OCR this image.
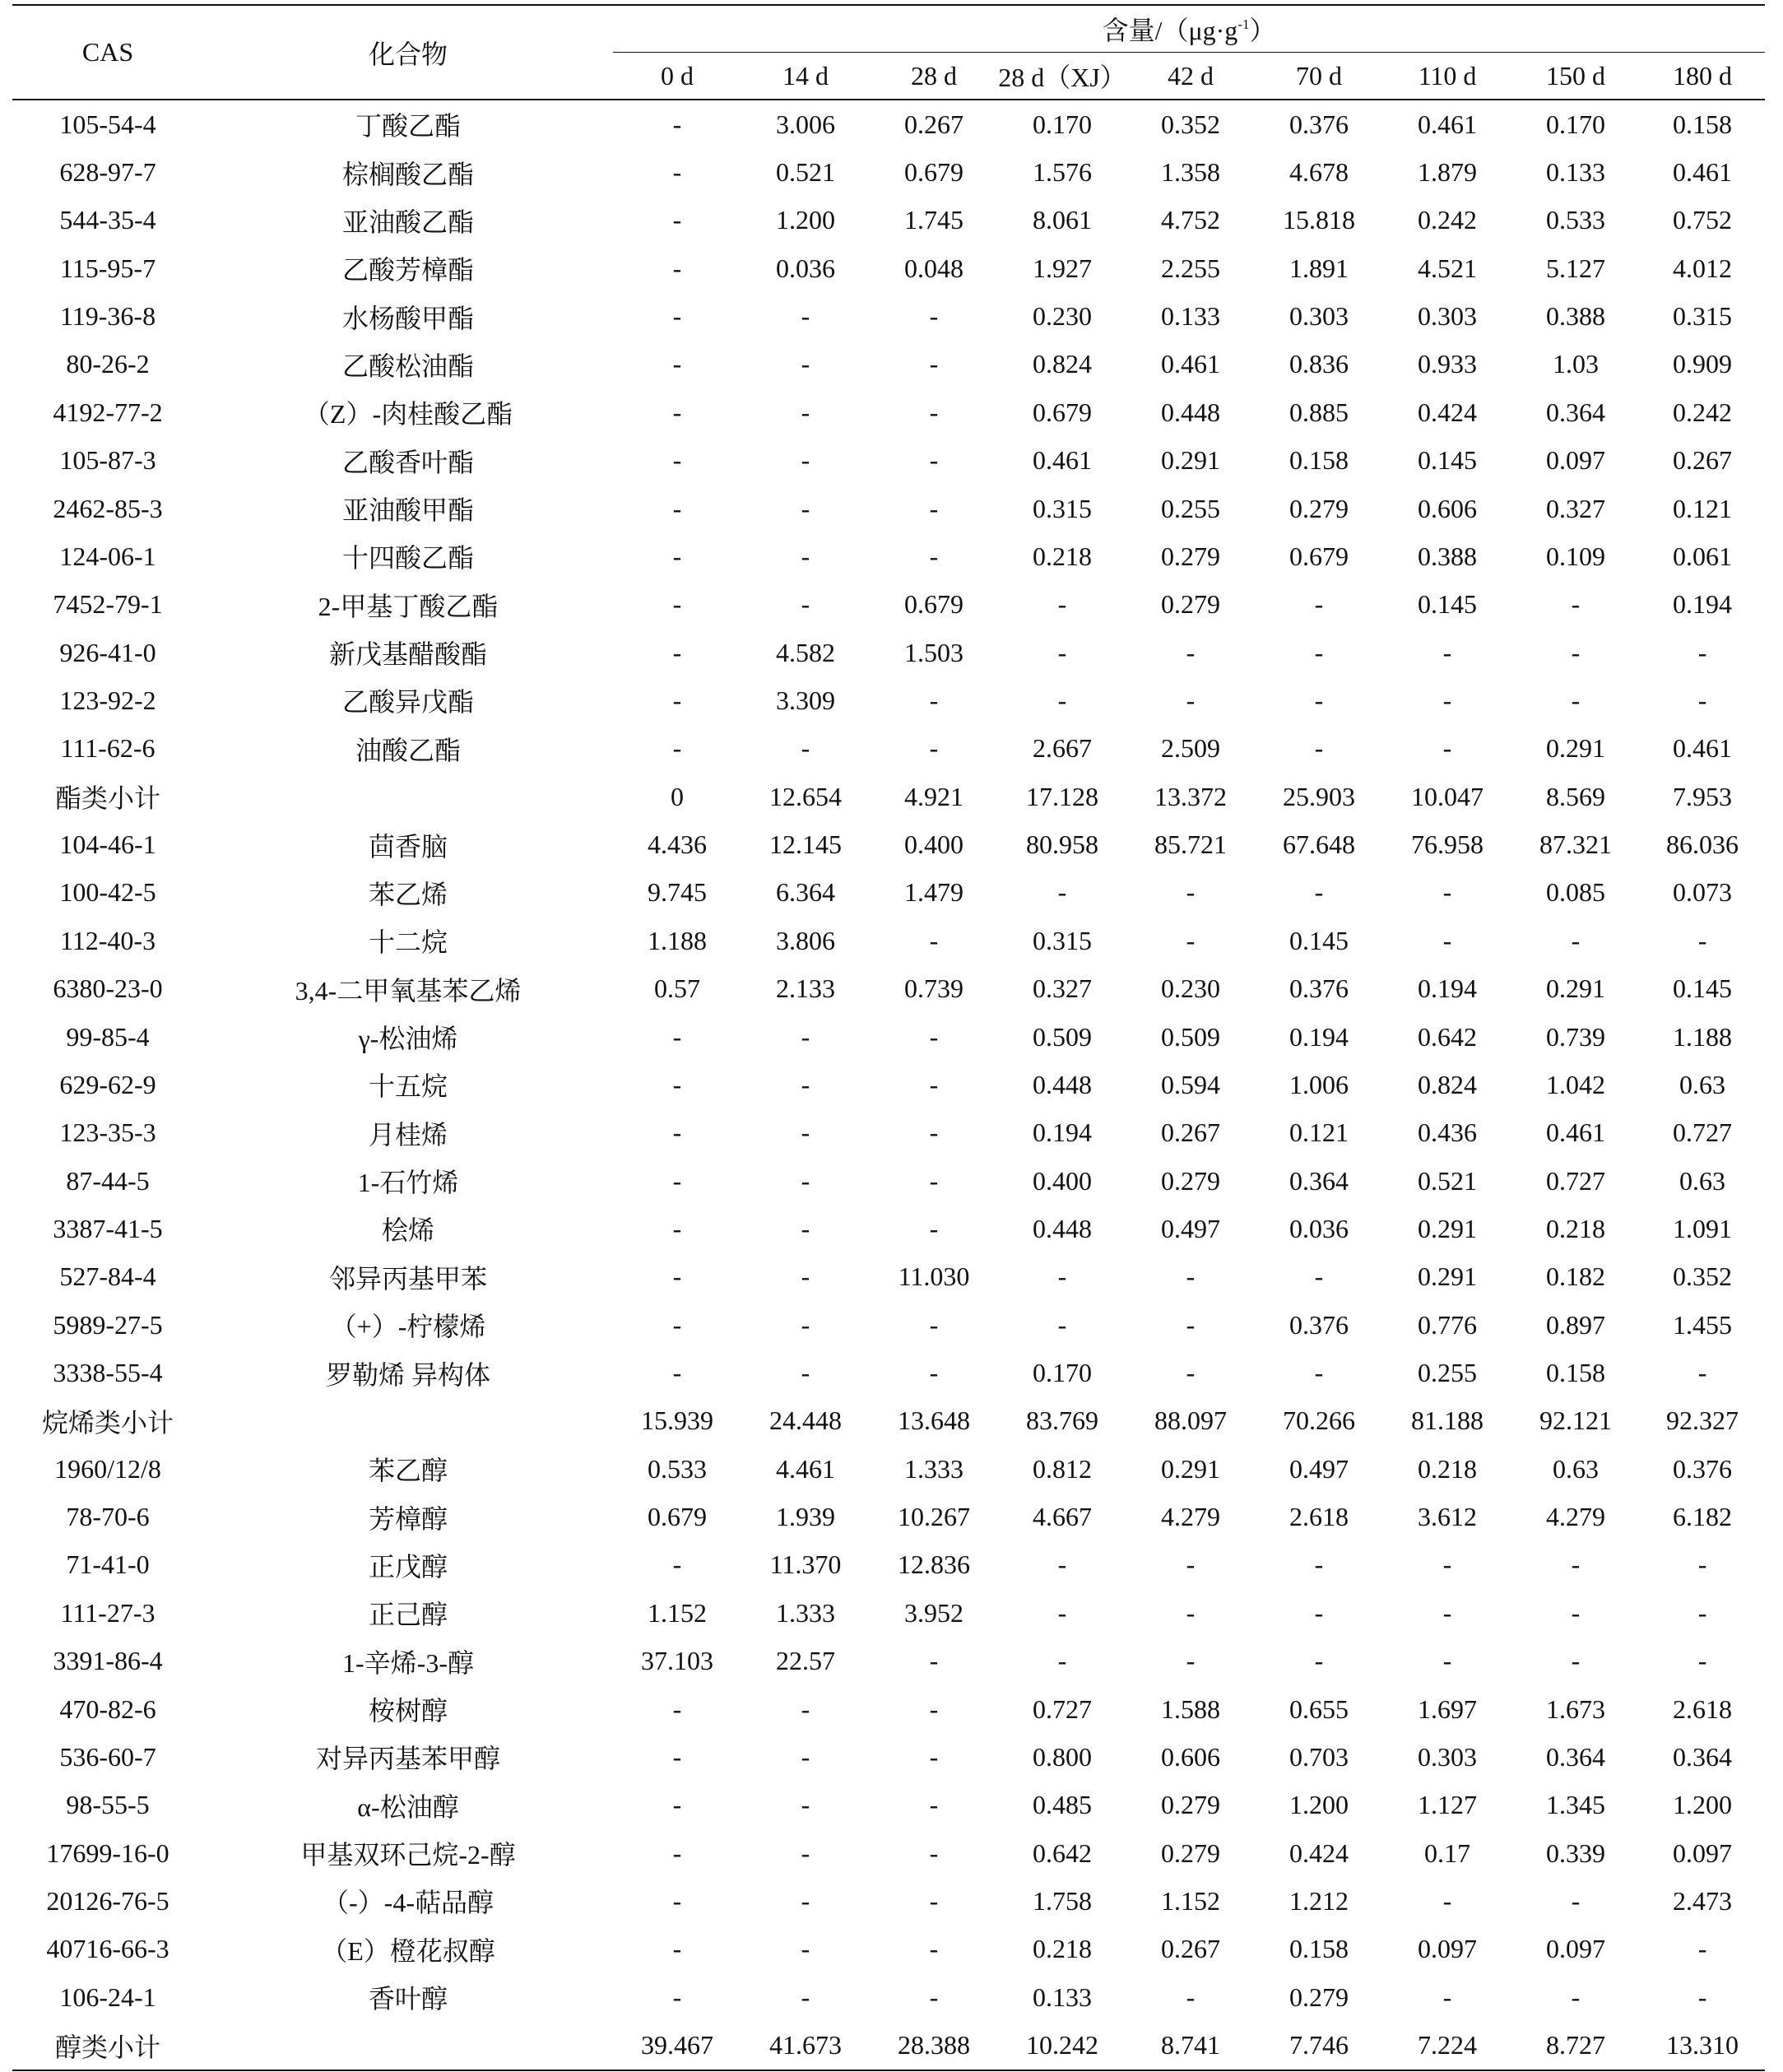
CAS	化合物	含量$/(\mu g\cdot g^{-1})$								
		0 d	14 d	28 d	28 d（XJ）	42 d	70 d	110 d	150 d	180 d
105-54-4	丁酸乙酯	-	3.006	0.267	0.170	0.352	0.376	0.461	0.170	0.158
628-97-7	棕榈酸乙酯	-	0.521	0.679	1.576	1.358	4.678	1.879	0.133	0.461
544-35-4	亚油酸乙酯	-	1.200	1.745	8.061	4.752	15.818	0.242	0.533	0.752
115-95-7	乙酸芳樟酯	-	0.036	0.048	1.927	2.255	1.891	4.521	5.127	4.012
119-36-8	水杨酸甲酯	-	-	-	0.230	0.133	0.303	0.303	0.388	0.315
80-26-2	乙酸松油酯	-	-	-	0.824	0.461	0.836	0.933	1.03	0.909
4192-77-2	（Z）-肉桂酸乙酯	-	-	-	0.679	0.448	0.885	0.424	0.364	0.242
105-87-3	乙酸香叶酯	-	-	-	0.461	0.291	0.158	0.145	0.097	0.267
2462-85-3	亚油酸甲酯	-	-	-	0.315	0.255	0.279	0.606	0.327	0.121
124-06-1	十四酸乙酯	-	-	-	0.218	0.279	0.679	0.388	0.109	0.061
7452-79-1	2-甲基丁酸乙酯	-	-	0.679	-	0.279	-	0.145	-	0.194
926-41-0	新戊基醋酸酯	-	4.582	1.503	-	-	-	-	-	-
123-92-2	乙酸异戊酯	-	3.309	-	-	-	-	-	-	-
111-62-6	油酸乙酯	-	-	-	2.667	2.509	-	-	0.291	0.461
酯类小计		0	12.654	4.921	17.128	13.372	25.903	10.047	8.569	7.953
104-46-1	茴香脑	4.436	12.145	0.400	80.958	85.721	67.648	76.958	87.321	86.036
100-42-5	苯乙烯	9.745	6.364	1.479	-	-	-	-	0.085	0.073
112-40-3	十二烷	1.188	3.806	-	0.315	-	0.145	-	-	-
6380-23-0	3,4-二甲氧基苯乙烯	0.57	2.133	0.739	0.327	0.230	0.376	0.194	0.291	0.145
99-85-4	γ-松油烯	-	-	-	0.509	0.509	0.194	0.642	0.739	1.188
629-62-9	十五烷	-	-	-	0.448	0.594	1.006	0.824	1.042	0.63
123-35-3	月桂烯	-	-	-	0.194	0.267	0.121	0.436	0.461	0.727
87-44-5	1-石竹烯	-	-	-	0.400	0.279	0.364	0.521	0.727	0.63
3387-41-5	桧烯	-	-	-	0.448	0.497	0.036	0.291	0.218	1.091
527-84-4	邻异丙基甲苯	-	-	11.030	-	-	-	0.291	0.182	0.352
5989-27-5	（+）-柠檬烯	-	-	-	-	-	0.376	0.776	0.897	1.455
3338-55-4	罗勒烯 异构体	-	-	-	0.170	-	-	0.255	0.158	-
烷烯类小计		15.939	24.448	13.648	83.769	88.097	70.266	81.188	92.121	92.327
1960/12/8	苯乙醇	0.533	4.461	1.333	0.812	0.291	0.497	0.218	0.63	0.376
78-70-6	芳樟醇	0.679	1.939	10.267	4.667	4.279	2.618	3.612	4.279	6.182
71-41-0	正戊醇	-	11.370	12.836	-	-	-	-	-	-
111-27-3	正己醇	1.152	1.333	3.952	-	-	-	-	-	-
3391-86-4	1-辛烯-3-醇	37.103	22.57	-	-	-	-	-	-	-
470-82-6	桉树醇	-	-	-	0.727	1.588	0.655	1.697	1.673	2.618
536-60-7	对异丙基苯甲醇	-	-	-	0.800	0.606	0.703	0.303	0.364	0.364
98-55-5	α-松油醇	-	-	-	0.485	0.279	1.200	1.127	1.345	1.200
17699-16-0	甲基双环己烷-2-醇	-	-	-	0.642	0.279	0.424	0.17	0.339	0.097
20126-76-5	（-）-4-萜品醇	-	-	-	1.758	1.152	1.212	-	-	2.473
40716-66-3	（E）橙花叔醇	-	-	-	0.218	0.267	0.158	0.097	0.097	-
106-24-1	香叶醇	-	-	-	0.133	-	0.279	-	-	-
醇类小计		39.467	41.673	28.388	10.242	8.741	7.746	7.224	8.727	13.310
